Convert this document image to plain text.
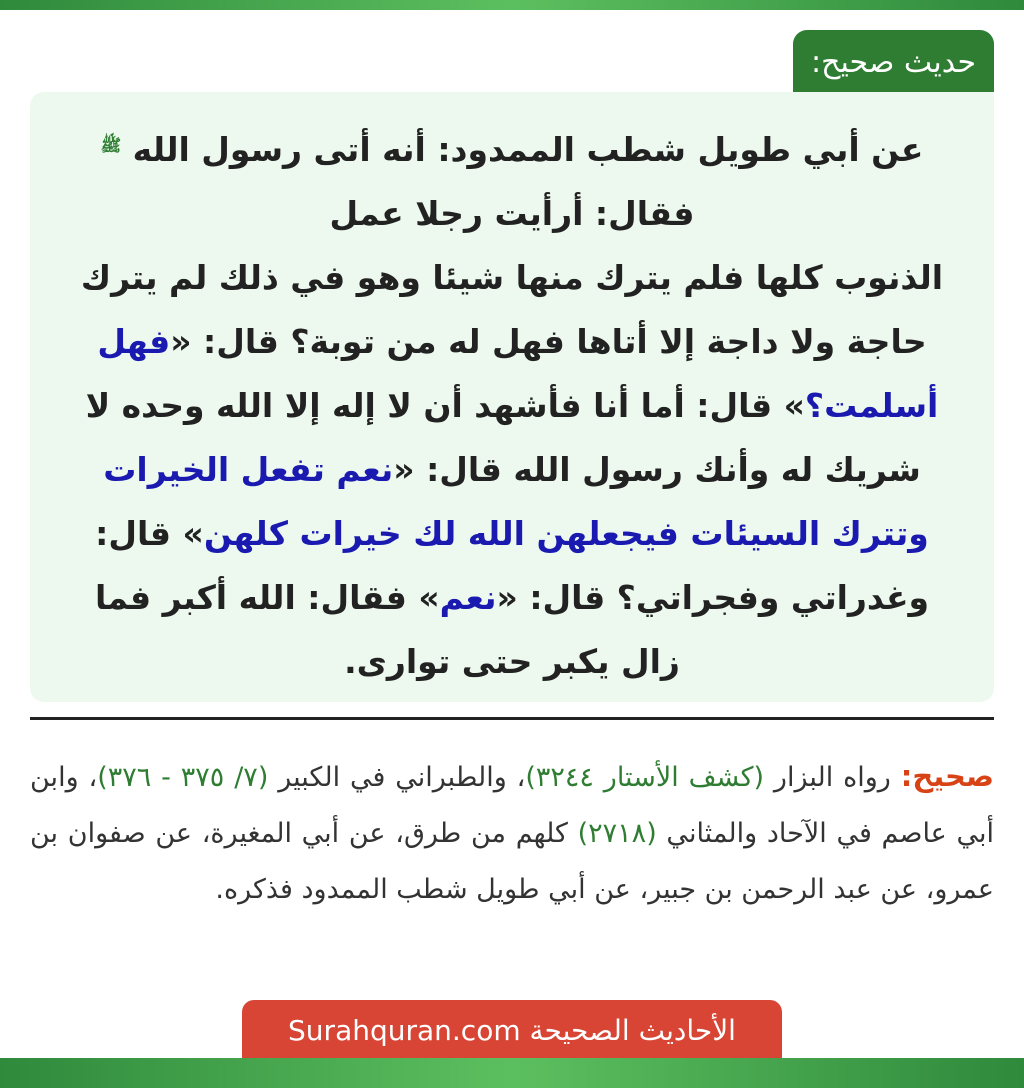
حديث صحيح:
عن أبي طويل شطب الممدود: أنه أتى رسول الله $^ﷺ$
فقال: أرأيت رجلا عمل
الذنوب كلها فلم يترك منها شيئا وهو في ذلك لم يترك حاجة ولا داجة إلا أتاها فهل له من توبة؟ قال: «فهل أسلمت؟» قال: أما أنا فأشهد أن لا إله إلا الله وحده لا شريك له وأنك رسول الله قال: «نعم تفعل الخيرات وتترك السيئات فيجعلهن الله لك خيرات كلهن» قال: وغدراتي وفجراتي؟ قال: «نعم» فقال: الله أكبر فما زال يكبر حتى توارى.
صحيح: رواه البزار (كشف الأستار ٣٢٤٤)، والطبراني في الكبير (٧/ ٣٧٥ - ٣٧٦)، وابن أبي عاصم في الآحاد والمثاني (٢٧١٨) كلهم من طرق، عن أبي المغيرة، عن صفوان بن عمرو، عن عبد الرحمن بن جبير، عن أبي طويل شطب الممدود فذكره.
الأحاديث الصحيحة Surahquran.com
